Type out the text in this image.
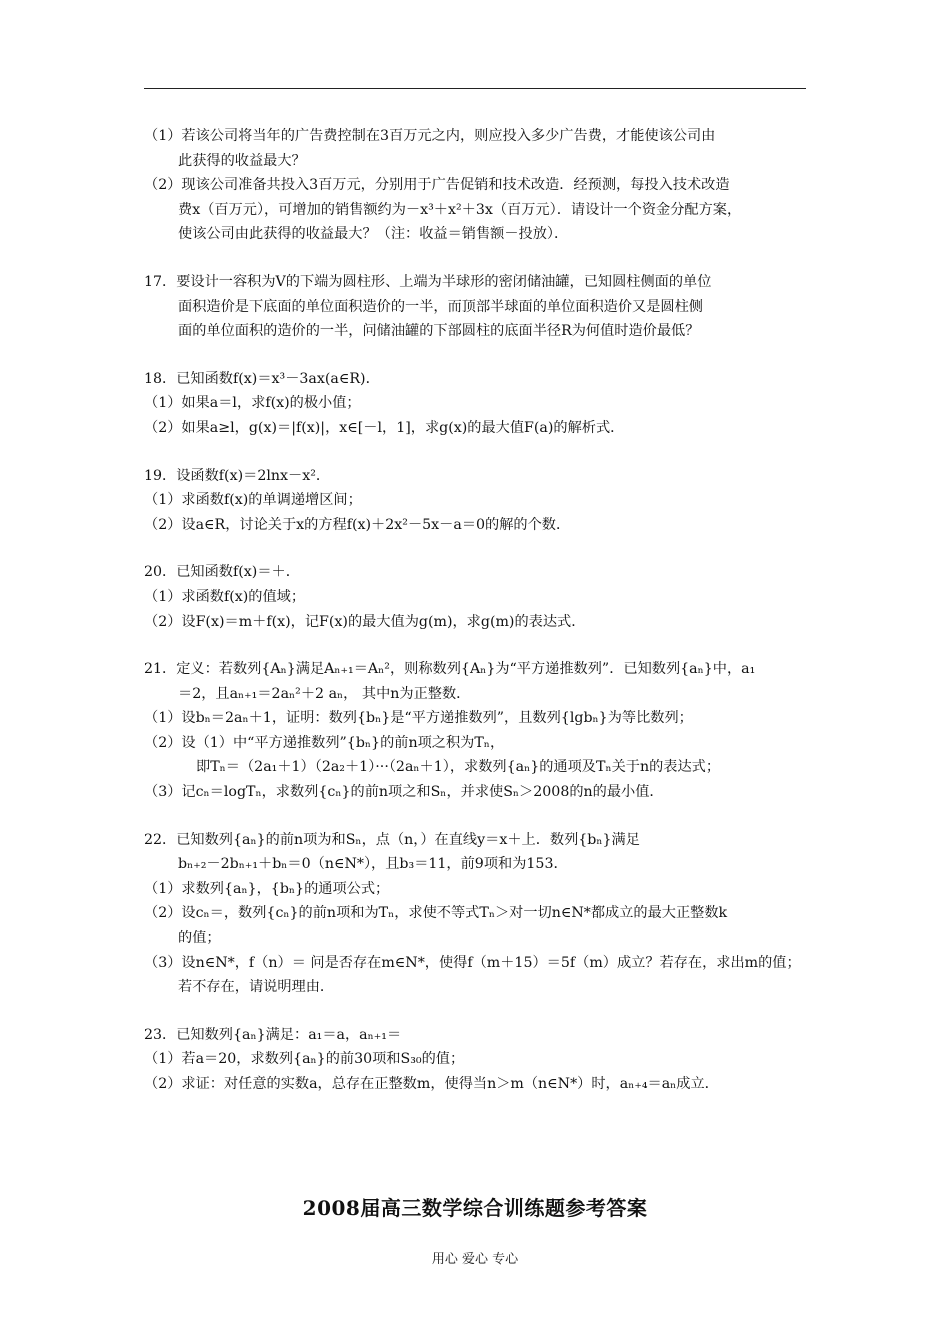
（1）若该公司将当年的广告费控制在3百万元之内，则应投入多少广告费，才能使该公司由
此获得的收益最大？
（2）现该公司准备共投入3百万元，分别用于广告促销和技术改造．经预测，每投入技术改造
费x（百万元），可增加的销售额约为－x³＋x²＋3x（百万元）．请设计一个资金分配方案，
使该公司由此获得的收益最大？（注：收益＝销售额－投放）．
17．要设计一容积为V的下端为圆柱形、上端为半球形的密闭储油罐，已知圆柱侧面的单位
面积造价是下底面的单位面积造价的一半，而顶部半球面的单位面积造价又是圆柱侧
面的单位面积的造价的一半，问储油罐的下部圆柱的底面半径R为何值时造价最低？
18．已知函数f(x)＝x³－3ax(a∈R)．
（1）如果a＝l，求f(x)的极小值；
（2）如果a≥l，g(x)＝|f(x)|，x∈[－l，1]，求g(x)的最大值F(a)的解析式．
19．设函数f(x)＝2lnx－x²．
（1）求函数f(x)的单调递增区间；
（2）设a∈R，讨论关于x的方程f(x)＋2x²－5x－a＝0的解的个数．
20．已知函数f(x)＝＋．
（1）求函数f(x)的值域；
（2）设F(x)＝m＋f(x)，记F(x)的最大值为g(m)，求g(m)的表达式．
21．定义：若数列{Aₙ}满足Aₙ₊₁＝Aₙ²，则称数列{Aₙ}为“平方递推数列”．已知数列{aₙ}中，a₁
＝2，且aₙ₊₁＝2aₙ²＋2 aₙ， 其中n为正整数．
（1）设bₙ＝2aₙ＋1，证明：数列{bₙ}是“平方递推数列”，且数列{lgbₙ}为等比数列；
（2）设（1）中“平方递推数列”{bₙ}的前n项之积为Tₙ，
即Tₙ＝（2a₁＋1）（2a₂＋1）···（2aₙ＋1），求数列{aₙ}的通项及Tₙ关于n的表达式；
（3）记cₙ＝logTₙ，求数列{cₙ}的前n项之和Sₙ，并求使Sₙ＞2008的n的最小值．
22．已知数列{aₙ}的前n项为和Sₙ，点（n，）在直线y＝x＋上．数列{bₙ}满足
bₙ₊₂－2bₙ₊₁＋bₙ＝0（n∈N*），且b₃＝11，前9项和为153．
（1）求数列{aₙ}，{bₙ}的通项公式；
（2）设cₙ＝，数列{cₙ}的前n项和为Tₙ，求使不等式Tₙ＞对一切n∈N*都成立的最大正整数k
的值；
（3）设n∈N*，f（n）＝ 问是否存在m∈N*，使得f（m＋15）＝5f（m）成立？若存在，求出m的值；
若不存在，请说明理由．
23．已知数列{aₙ}满足：a₁＝a，aₙ₊₁＝
（1）若a＝20，求数列{aₙ}的前30项和S₃₀的值；
（2）求证：对任意的实数a，总存在正整数m，使得当n＞m（n∈N*）时，aₙ₊₄＝aₙ成立．
2008届高三数学综合训练题参考答案
用心 爱心 专心
